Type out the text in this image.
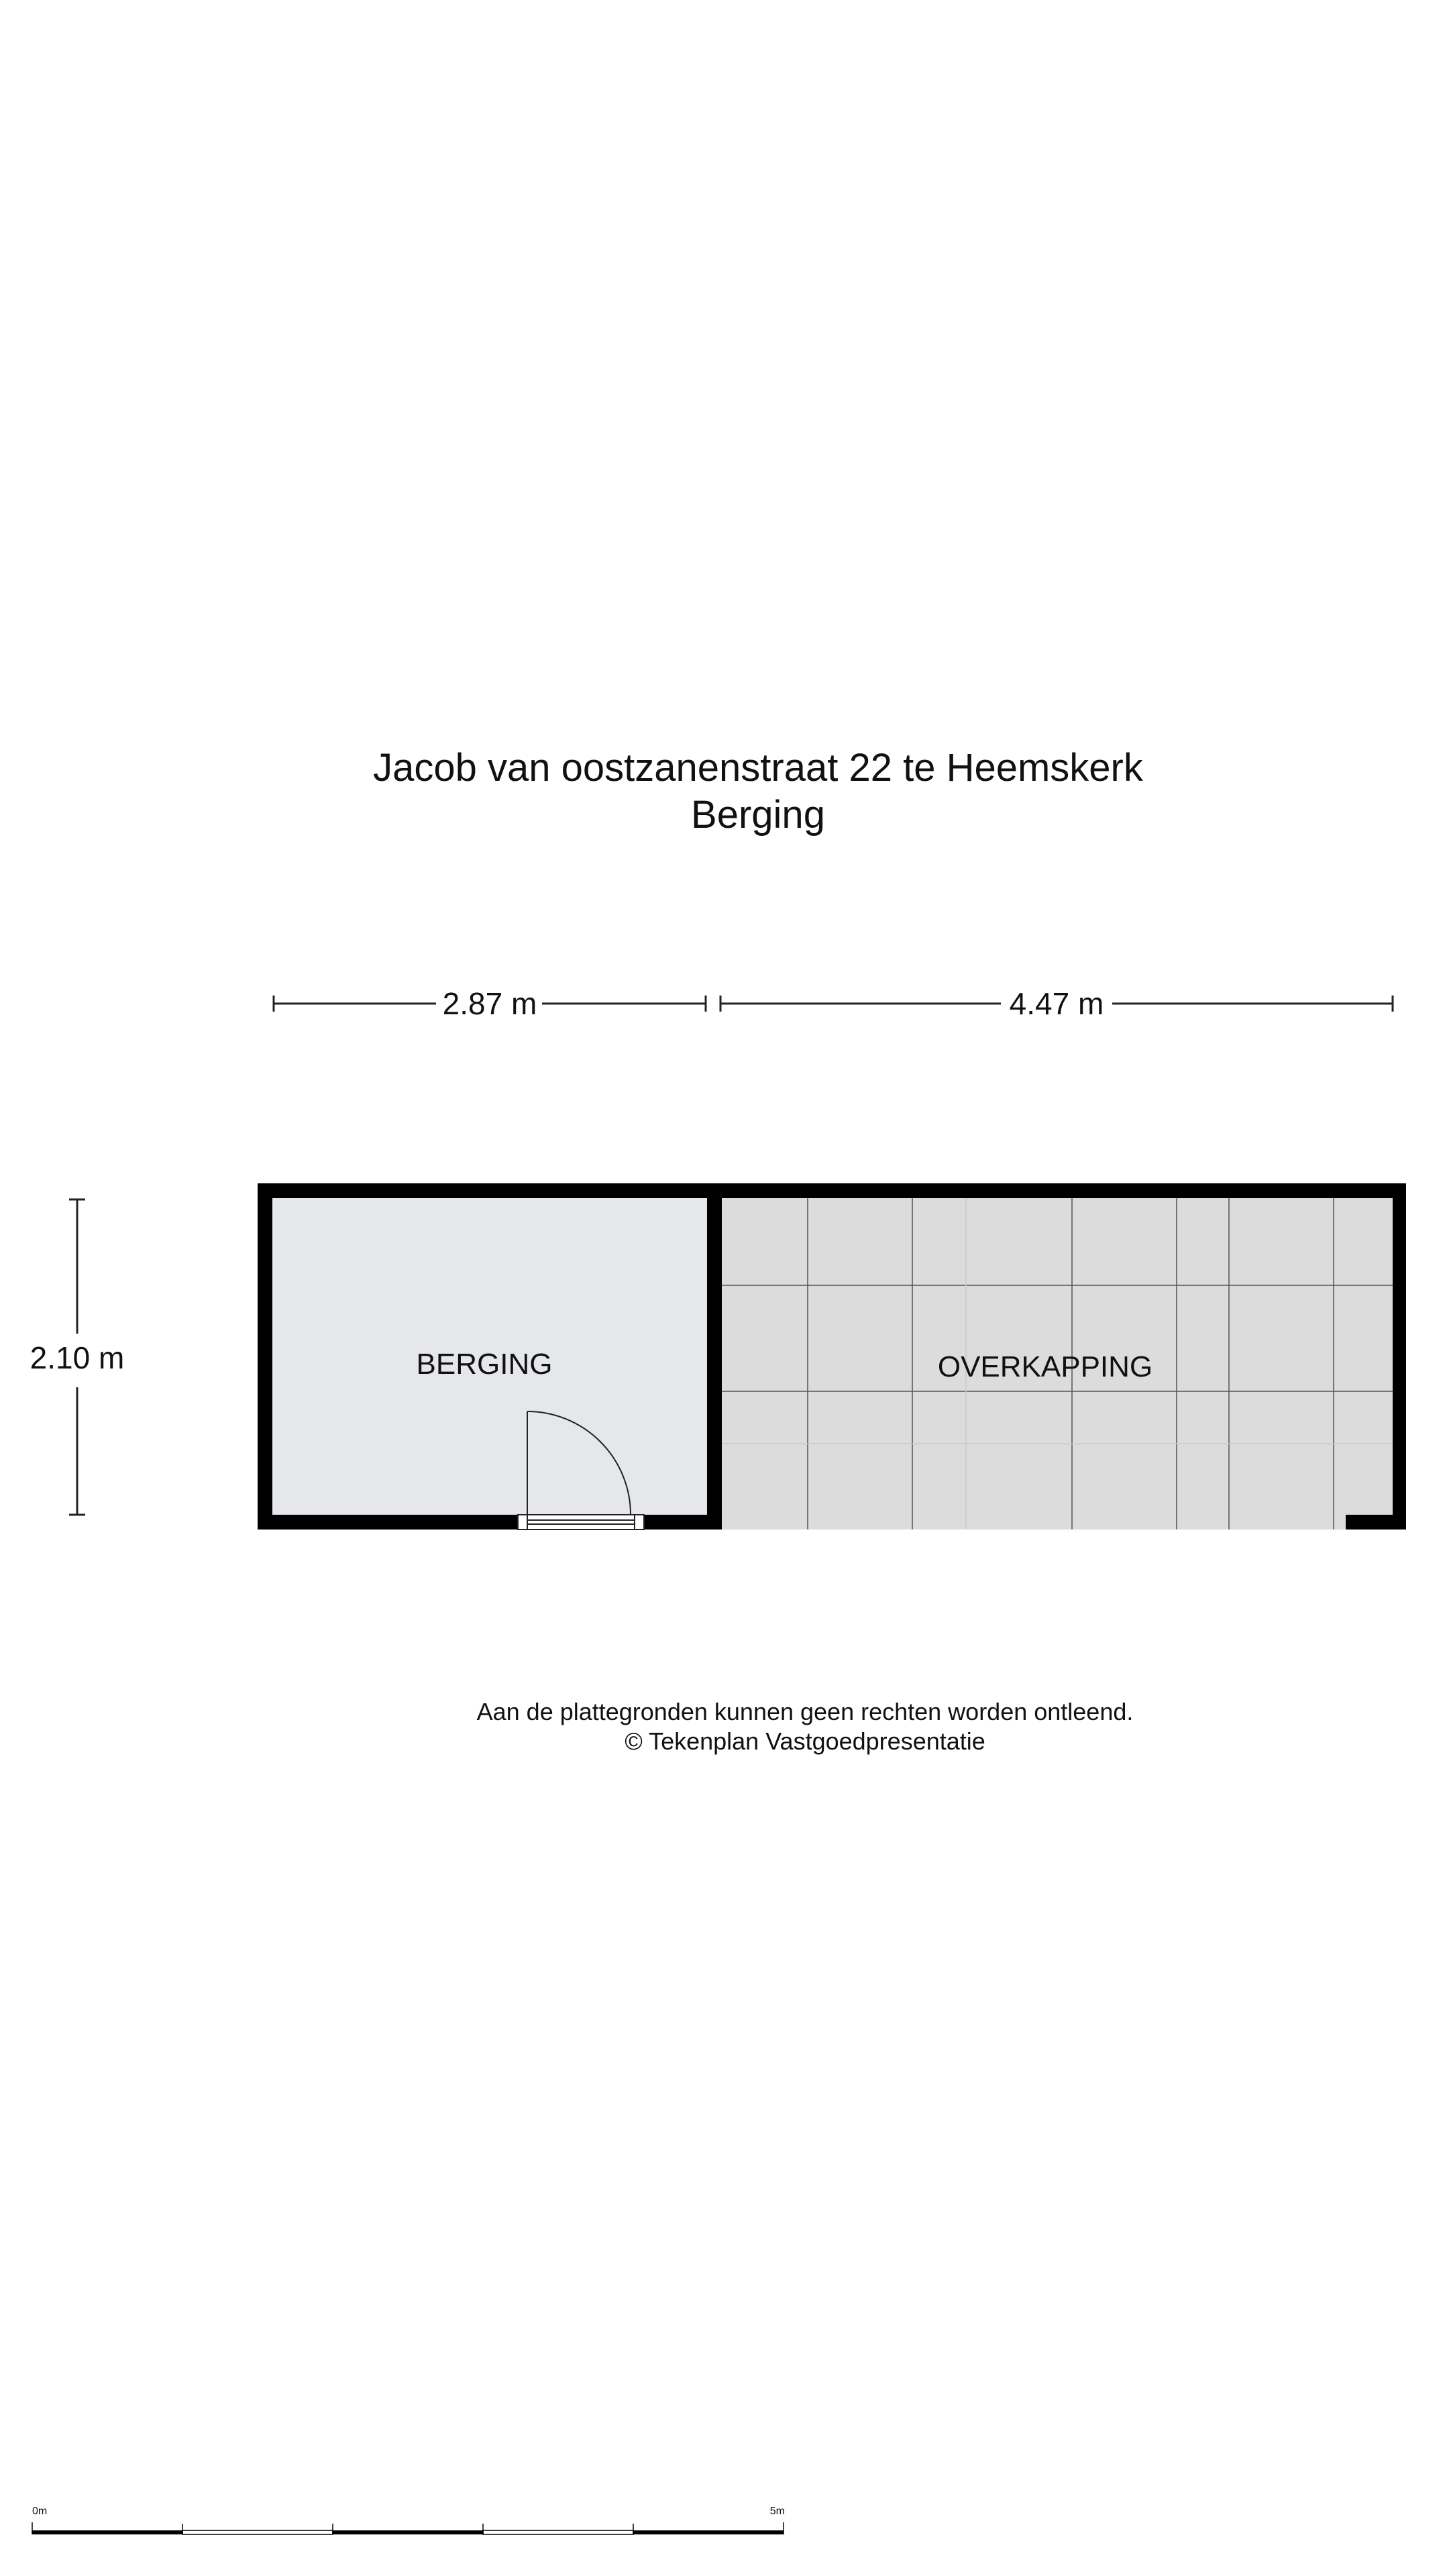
Jacob van oostzanenstraat 22 te Heemskerk
Berging
2.87 m	4.47 m
2.10 m	BERGING	OVERKAPPING
0m	5m
Aan de plattegronden kunnen geen rechten worden ontleend.
© Tekenplan Vastgoedpresentatie
